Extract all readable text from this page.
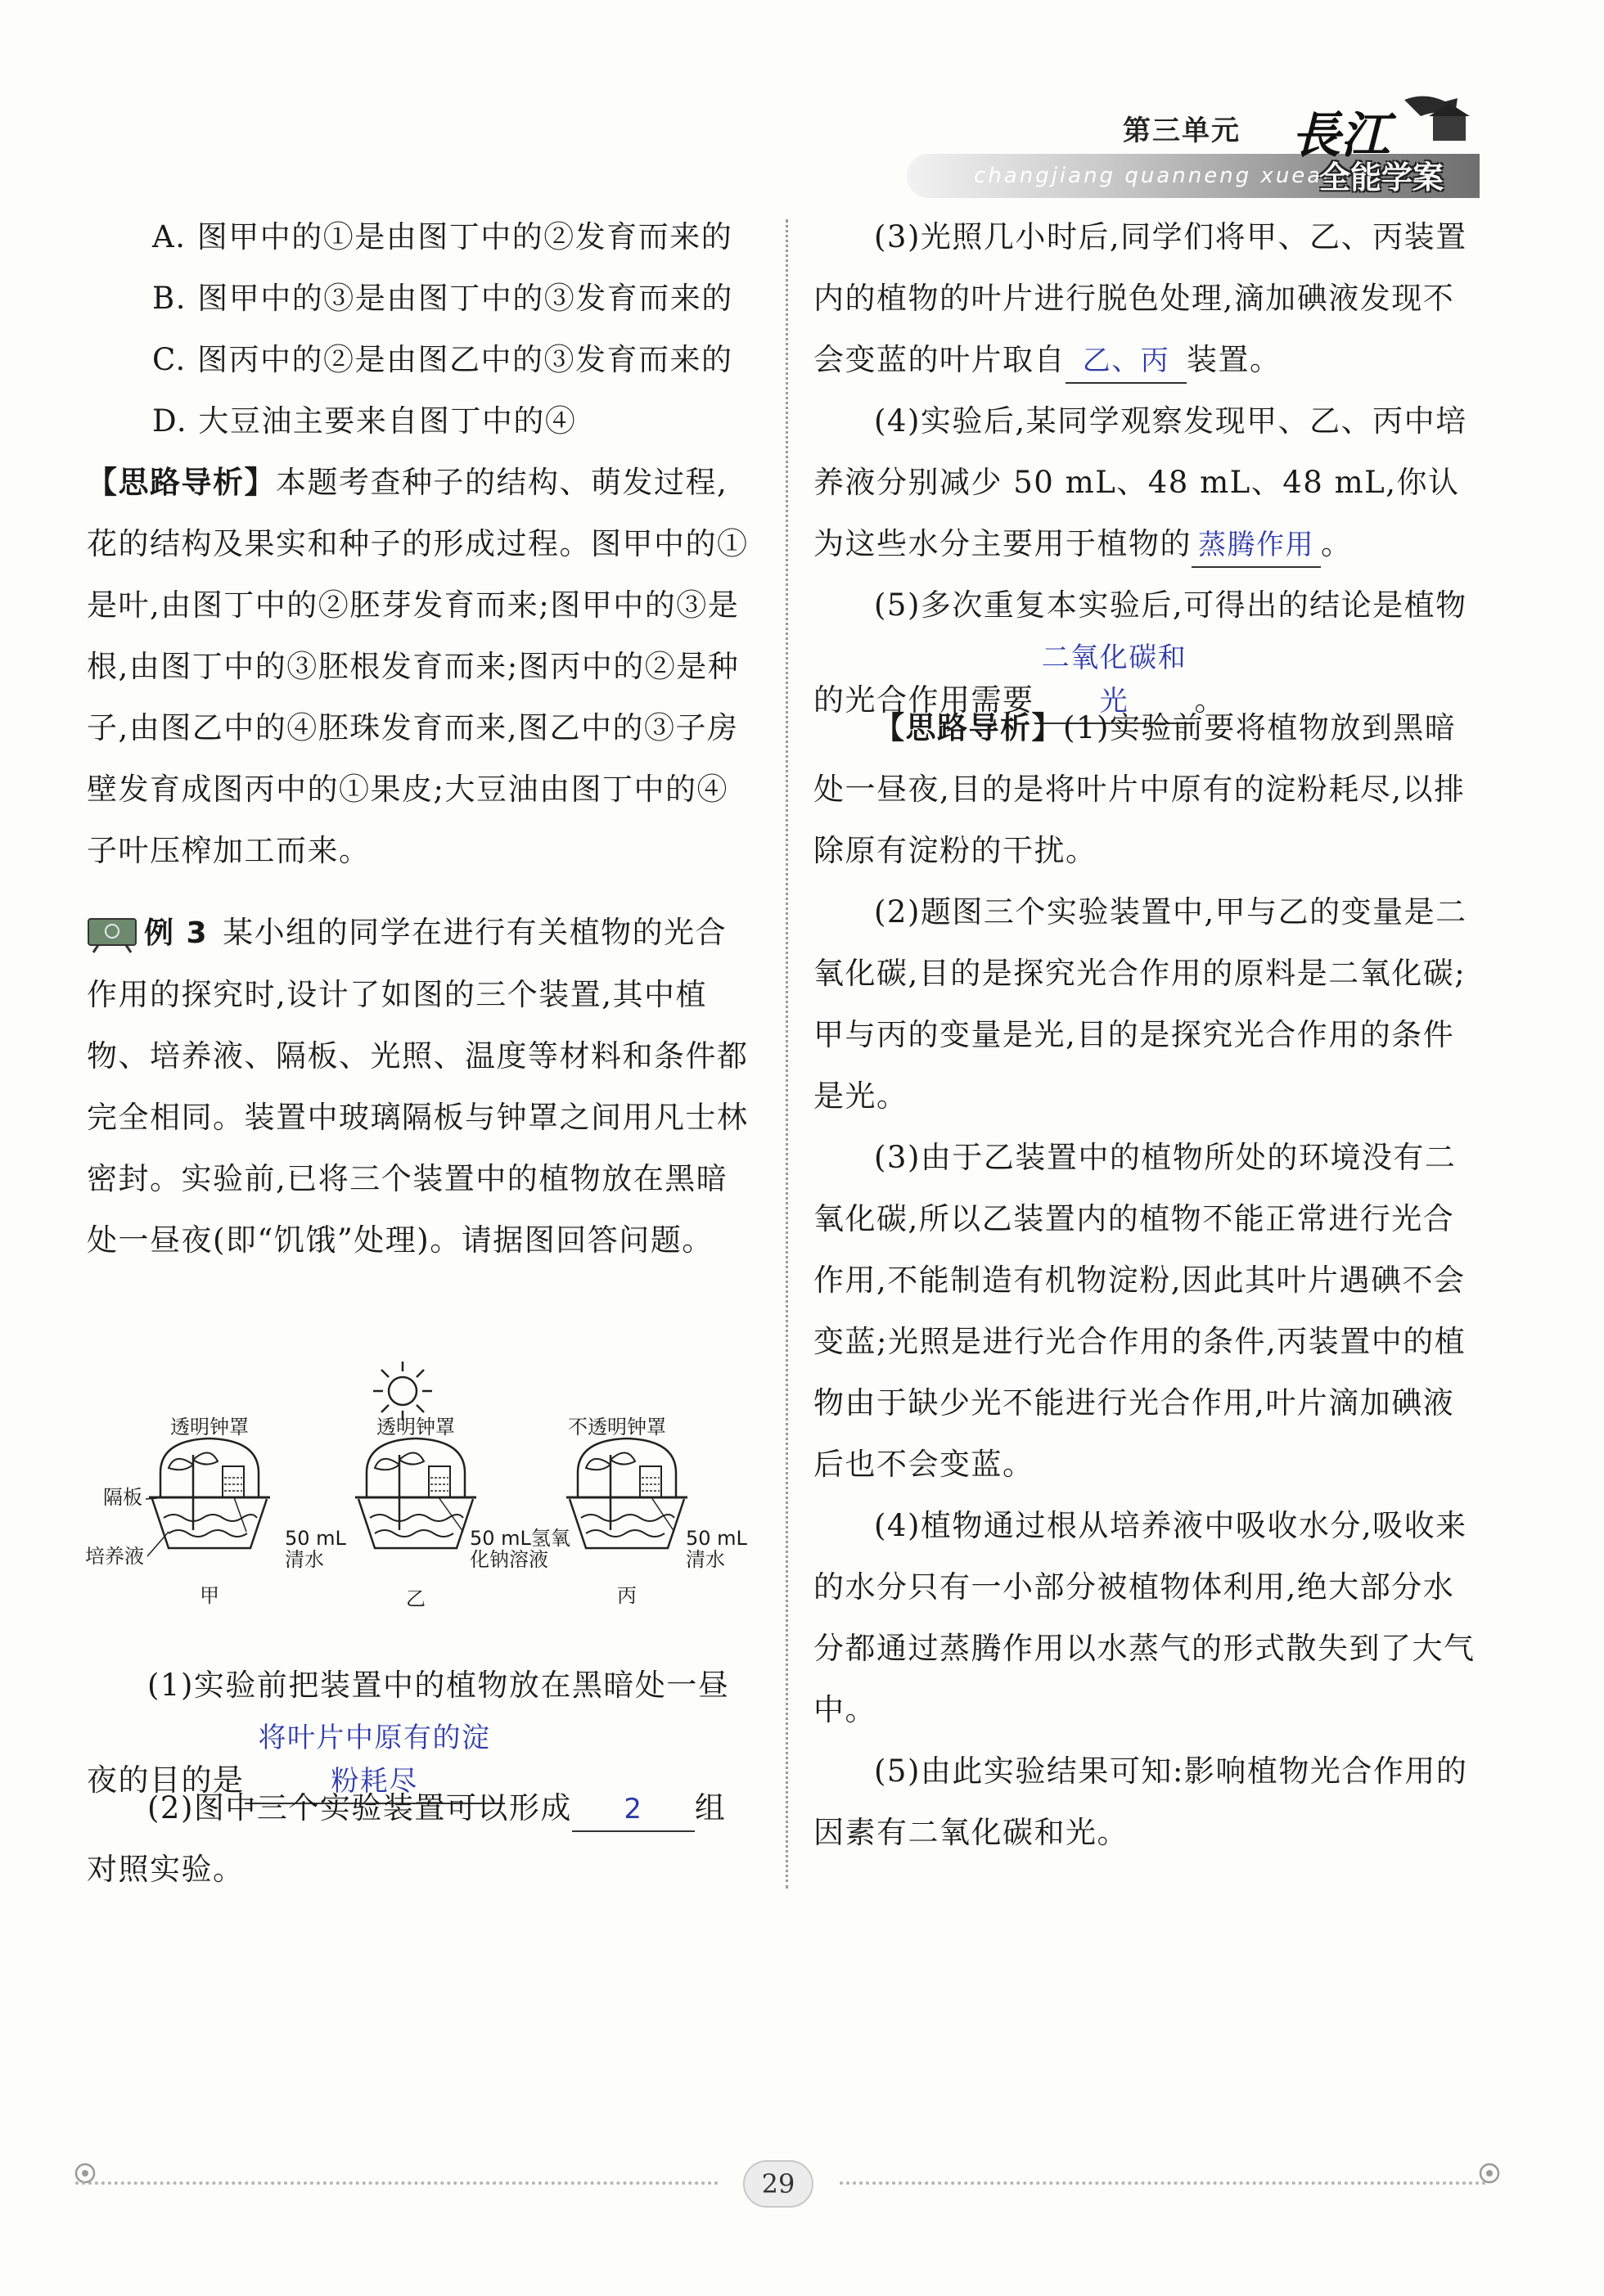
changjiang quanneng xuean
第三单元 長江
全能学案
A. 图甲中的①是由图丁中的②发育而来的
B. 图甲中的③是由图丁中的③发育而来的
C. 图丙中的②是由图乙中的③发育而来的
D. 大豆油主要来自图丁中的④
【思路导析】本题考查种子的结构、萌发过程,花的结构及果实和种子的形成过程。图甲中的①是叶,由图丁中的②胚芽发育而来;图甲中的③是根,由图丁中的③胚根发育而来;图丙中的②是种子,由图乙中的④胚珠发育而来,图乙中的③子房壁发育成图丙中的①果皮;大豆油由图丁中的④子叶压榨加工而来。
例 3 某小组的同学在进行有关植物的光合作用的探究时,设计了如图的三个装置,其中植物、培养液、隔板、光照、温度等材料和条件都完全相同。装置中玻璃隔板与钟罩之间用凡士林密封。实验前,已将三个装置中的植物放在黑暗处一昼夜(即“饥饿”处理)。请据图回答问题。
透明钟罩	透明钟罩	不透明钟罩
隔板
培养液
50 mL
清水
50 mL氢氧
化钠溶液
50 mL
清水
甲	乙	丙
(1)实验前把装置中的植物放在黑暗处一昼夜的目的是将叶片中原有的淀粉耗尽
(2)图中三个实验装置可以形成 2 组对照实验。
(3)光照几小时后,同学们将甲、乙、丙装置内的植物的叶片进行脱色处理,滴加碘液发现不会变蓝的叶片取自 乙、丙 装置。
(4)实验后,某同学观察发现甲、乙、丙中培养液分别减少 50 mL、48 mL、48 mL,你认为这些水分主要用于植物的 蒸腾作用 。
(5)多次重复本实验后,可得出的结论是植物的光合作用需要二氧化碳和光 。
【思路导析】(1)实验前要将植物放到黑暗处一昼夜,目的是将叶片中原有的淀粉耗尽,以排除原有淀粉的干扰。
(2)题图三个实验装置中,甲与乙的变量是二氧化碳,目的是探究光合作用的原料是二氧化碳;甲与丙的变量是光,目的是探究光合作用的条件是光。
(3)由于乙装置中的植物所处的环境没有二氧化碳,所以乙装置内的植物不能正常进行光合作用,不能制造有机物淀粉,因此其叶片遇碘不会变蓝;光照是进行光合作用的条件,丙装置中的植物由于缺少光不能进行光合作用,叶片滴加碘液后也不会变蓝。
(4)植物通过根从培养液中吸收水分,吸收来的水分只有一小部分被植物体利用,绝大部分水分都通过蒸腾作用以水蒸气的形式散失到了大气中。
(5)由此实验结果可知:影响植物光合作用的因素有二氧化碳和光。
29
